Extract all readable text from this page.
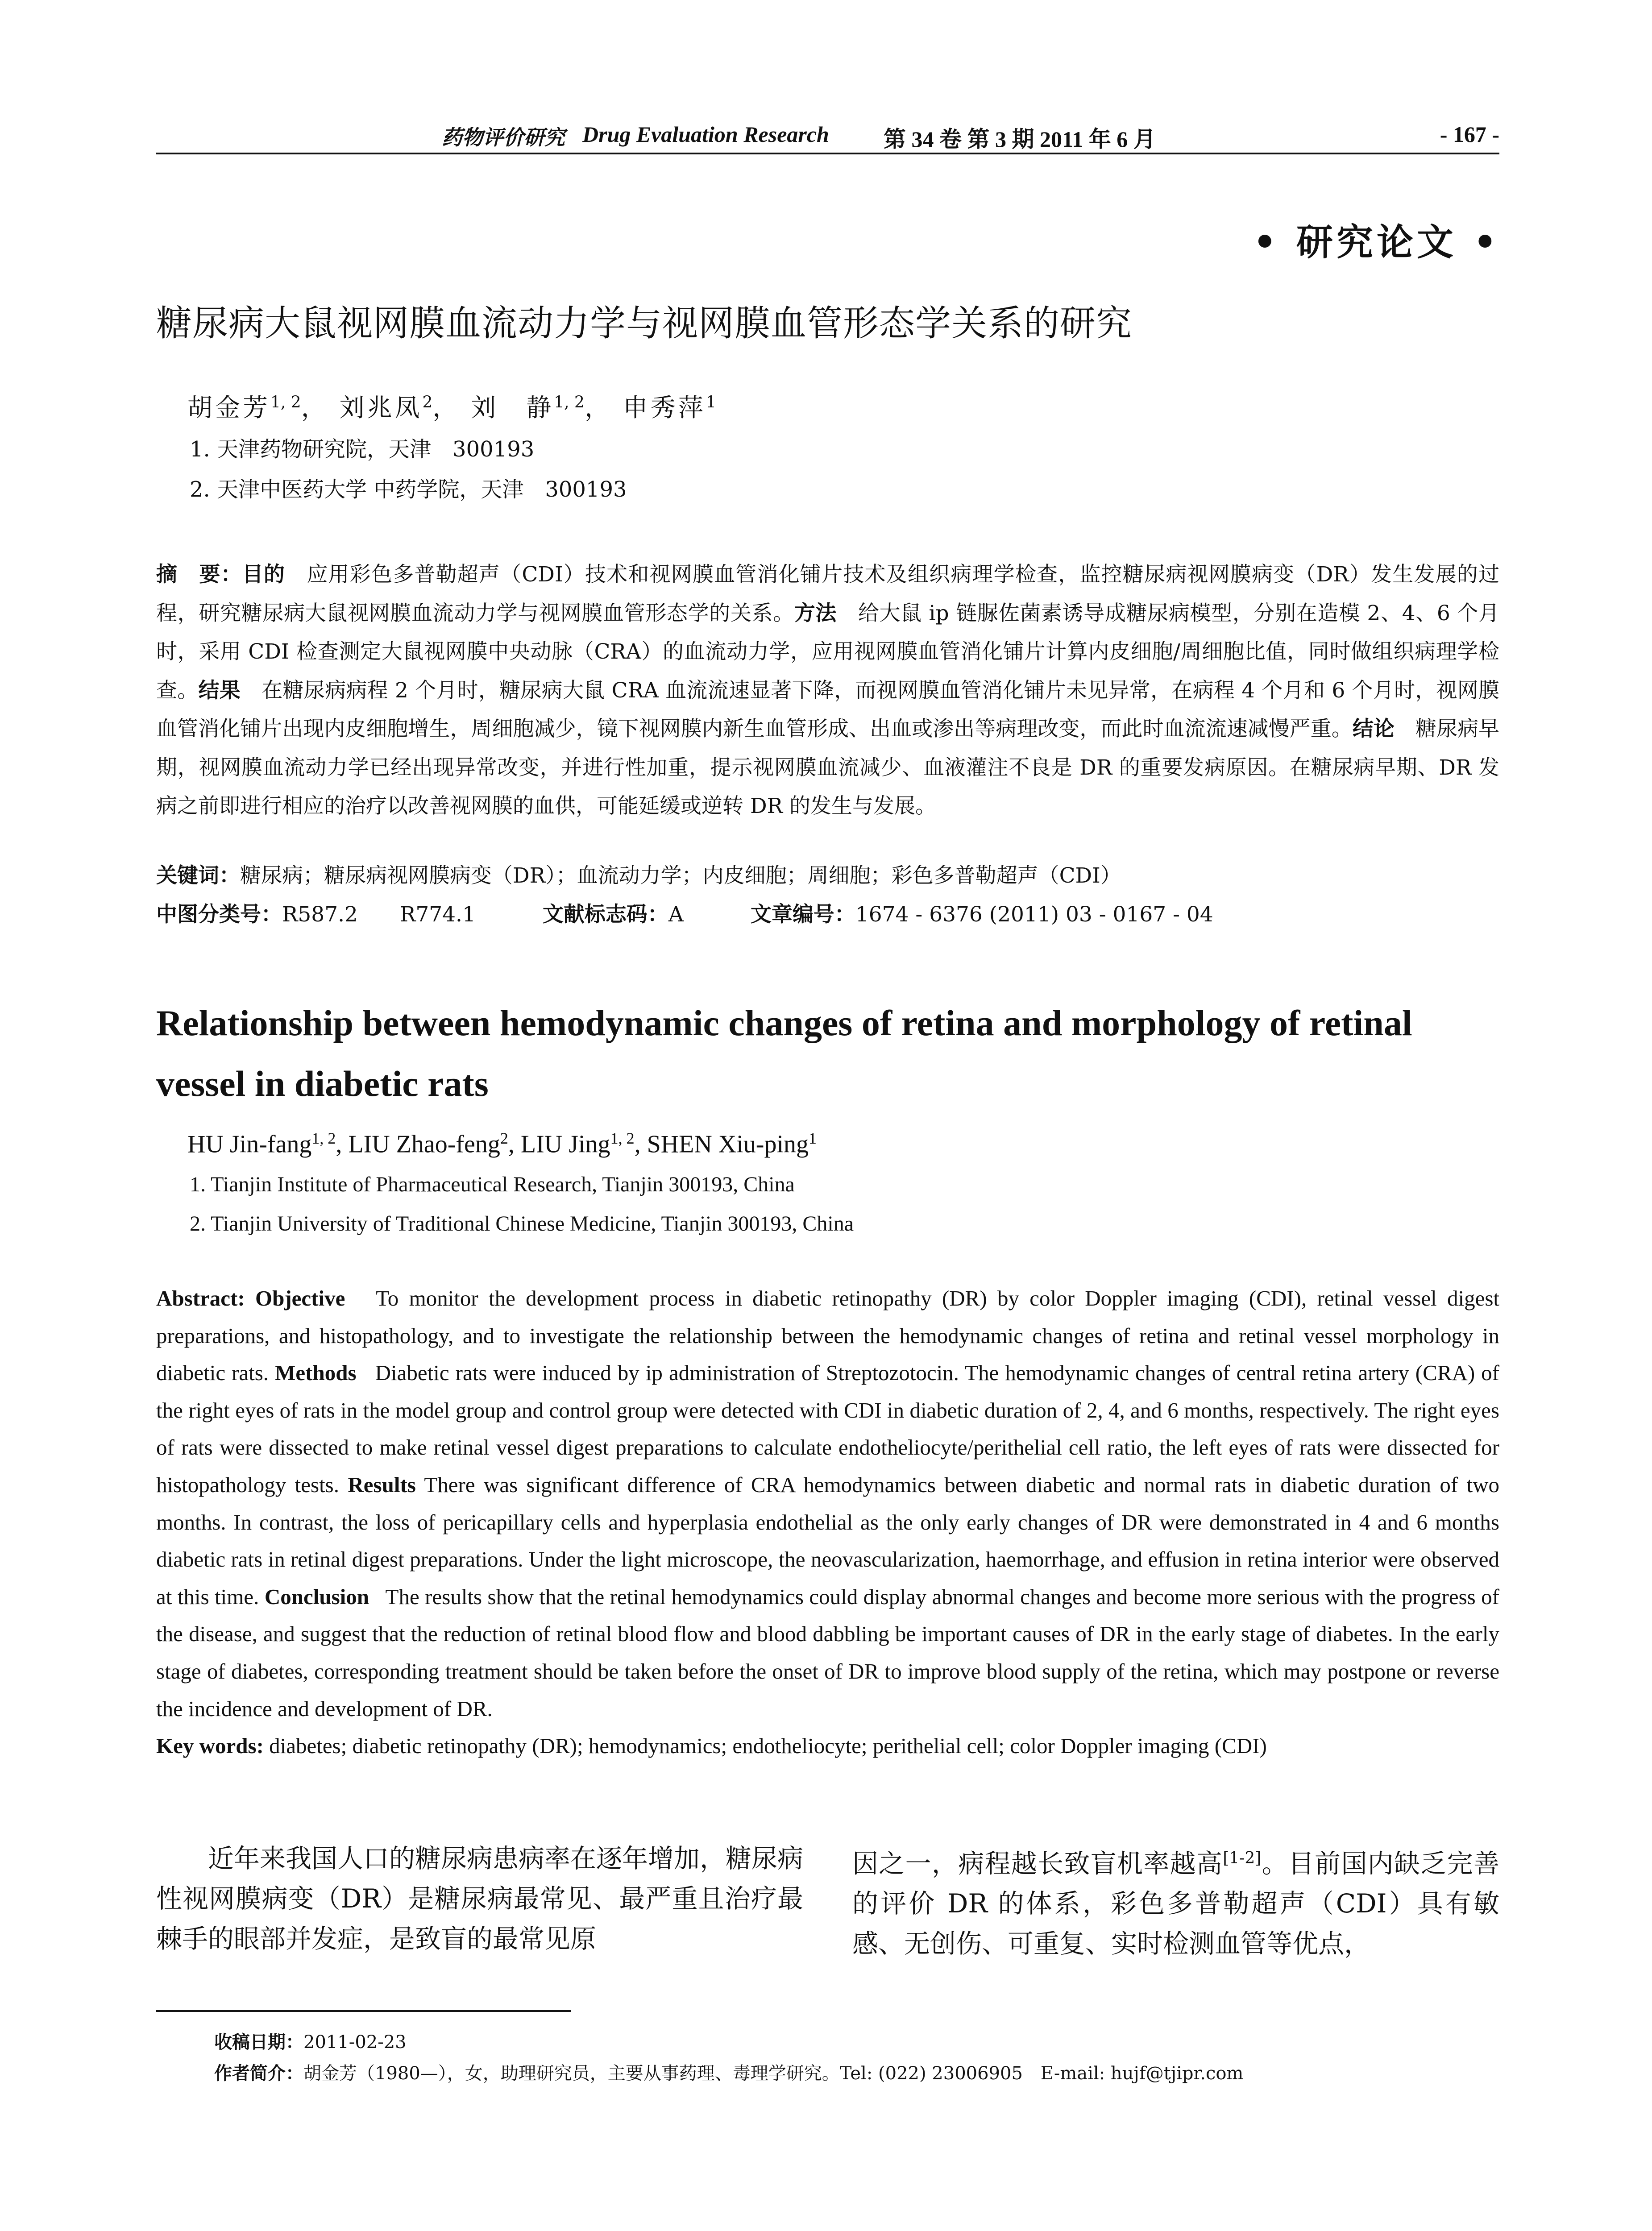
药物评价研究 Drug Evaluation Research 第 34 卷 第 3 期 2011 年 6 月	- 167 -
• 研究论文 •
糖尿病大鼠视网膜血流动力学与视网膜血管形态学关系的研究
胡金芳$^{1, 2}$， 刘兆凤$^2$， 刘　静$^{1, 2}$， 申秀萍$^1$
1. 天津药物研究院，天津　300193
2. 天津中医药大学 中药学院，天津　300193
摘　要：目的　 应用彩色多普勒超声（CDI）技术和视网膜血管消化铺片技术及组织病理学检查，监控糖尿病视网膜病变（DR）发生发展的过程，研究糖尿病大鼠视网膜血流动力学与视网膜血管形态学的关系。方法　 给大鼠 ip 链脲佐菌素诱导成糖尿病模型，分别在造模 2、4、6 个月时，采用 CDI 检查测定大鼠视网膜中央动脉（CRA）的血流动力学，应用视网膜血管消化铺片计算内皮细胞/周细胞比值，同时做组织病理学检查。结果　 在糖尿病病程 2 个月时，糖尿病大鼠 CRA 血流流速显著下降，而视网膜血管消化铺片未见异常，在病程 4 个月和 6 个月时，视网膜血管消化铺片出现内皮细胞增生，周细胞减少，镜下视网膜内新生血管形成、出血或渗出等病理改变，而此时血流流速减慢严重。结论　 糖尿病早期，视网膜血流动力学已经出现异常改变，并进行性加重，提示视网膜血流减少、血液灌注不良是 DR 的重要发病原因。在糖尿病早期、DR 发病之前即进行相应的治疗以改善视网膜的血供，可能延缓或逆转 DR 的发生与发展。
关键词：糖尿病；糖尿病视网膜病变（DR）；血流动力学；内皮细胞；周细胞；彩色多普勒超声（CDI）
中图分类号：R587.2　　R774.1	文献标志码：A	文章编号：1674 - 6376 (2011) 03 - 0167 - 04
Relationship between hemodynamic changes of retina and morphology of retinal vessel in diabetic rats
HU Jin-fang$^{1, 2}$, LIU Zhao-feng$^2$, LIU Jing$^{1, 2}$, SHEN Xiu-ping$^1$
1. Tianjin Institute of Pharmaceutical Research, Tianjin 300193, China
2. Tianjin University of Traditional Chinese Medicine, Tianjin 300193, China
Abstract: Objective To monitor the development process in diabetic retinopathy (DR) by color Doppler imaging (CDI), retinal vessel digest preparations, and histopathology, and to investigate the relationship between the hemodynamic changes of retina and retinal vessel morphology in diabetic rats. Methods Diabetic rats were induced by ip administration of Streptozotocin. The hemodynamic changes of central retina artery (CRA) of the right eyes of rats in the model group and control group were detected with CDI in diabetic duration of 2, 4, and 6 months, respectively. The right eyes of rats were dissected to make retinal vessel digest preparations to calculate endotheliocyte/perithelial cell ratio, the left eyes of rats were dissected for histopathology tests. Results There was significant difference of CRA hemodynamics between diabetic and normal rats in diabetic duration of two months. In contrast, the loss of pericapillary cells and hyperplasia endothelial as the only early changes of DR were demonstrated in 4 and 6 months diabetic rats in retinal digest preparations. Under the light microscope, the neovascularization, haemorrhage, and effusion in retina interior were observed at this time. Conclusion The results show that the retinal hemodynamics could display abnormal changes and become more serious with the progress of the disease, and suggest that the reduction of retinal blood flow and blood dabbling be important causes of DR in the early stage of diabetes. In the early stage of diabetes, corresponding treatment should be taken before the onset of DR to improve blood supply of the retina, which may postpone or reverse the incidence and development of DR.
Key words: diabetes; diabetic retinopathy (DR); hemodynamics; endotheliocyte; perithelial cell; color Doppler imaging (CDI)
近年来我国人口的糖尿病患病率在逐年增加，糖尿病性视网膜病变（DR）是糖尿病最常见、最严重且治疗最棘手的眼部并发症，是致盲的最常见原
因之一，病程越长致盲机率越高[1-2]。目前国内缺乏完善的评价 DR 的体系，彩色多普勒超声（CDI）具有敏感、无创伤、可重复、实时检测血管等优点，
收稿日期：2011-02-23
作者简介：胡金芳（1980—），女，助理研究员，主要从事药理、毒理学研究。Tel: (022) 23006905　E-mail: hujf@tjipr.com
